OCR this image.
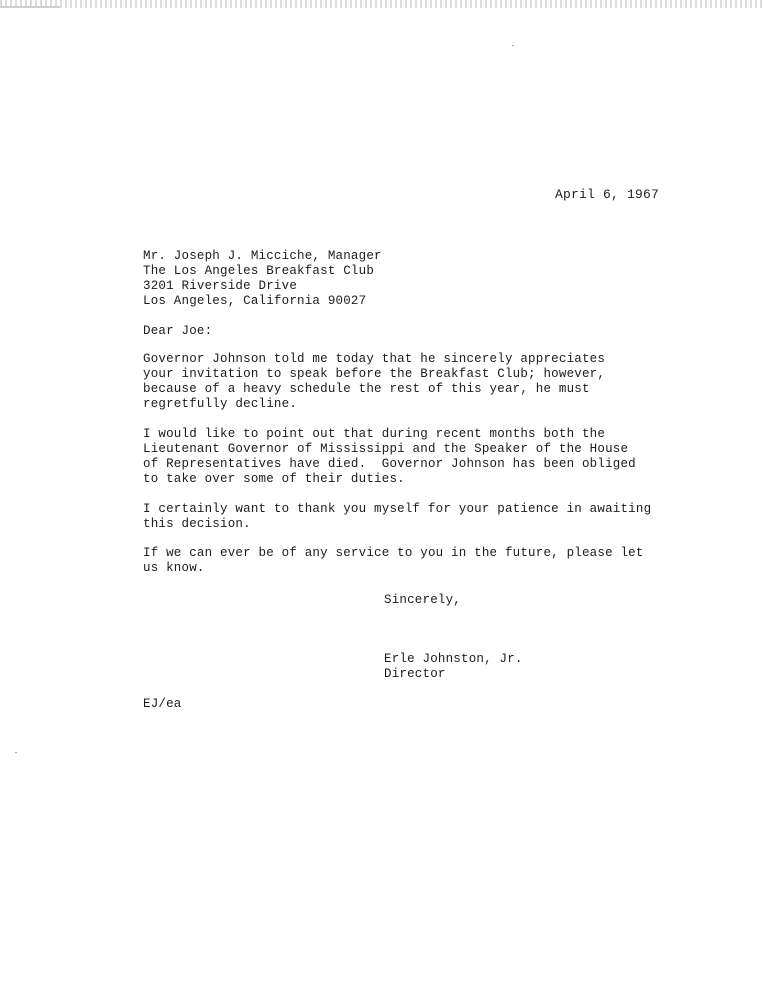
April 6, 1967
Mr. Joseph J. Micciche, Manager
The Los Angeles Breakfast Club
3201 Riverside Drive
Los Angeles, California 90027
Dear Joe:
Governor Johnson told me today that he sincerely appreciates
your invitation to speak before the Breakfast Club; however,
because of a heavy schedule the rest of this year, he must
regretfully decline.
I would like to point out that during recent months both the
Lieutenant Governor of Mississippi and the Speaker of the House
of Representatives have died.  Governor Johnson has been obliged
to take over some of their duties.
I certainly want to thank you myself for your patience in awaiting
this decision.
If we can ever be of any service to you in the future, please let
us know.
Sincerely,
Erle Johnston, Jr.
Director
EJ/ea
